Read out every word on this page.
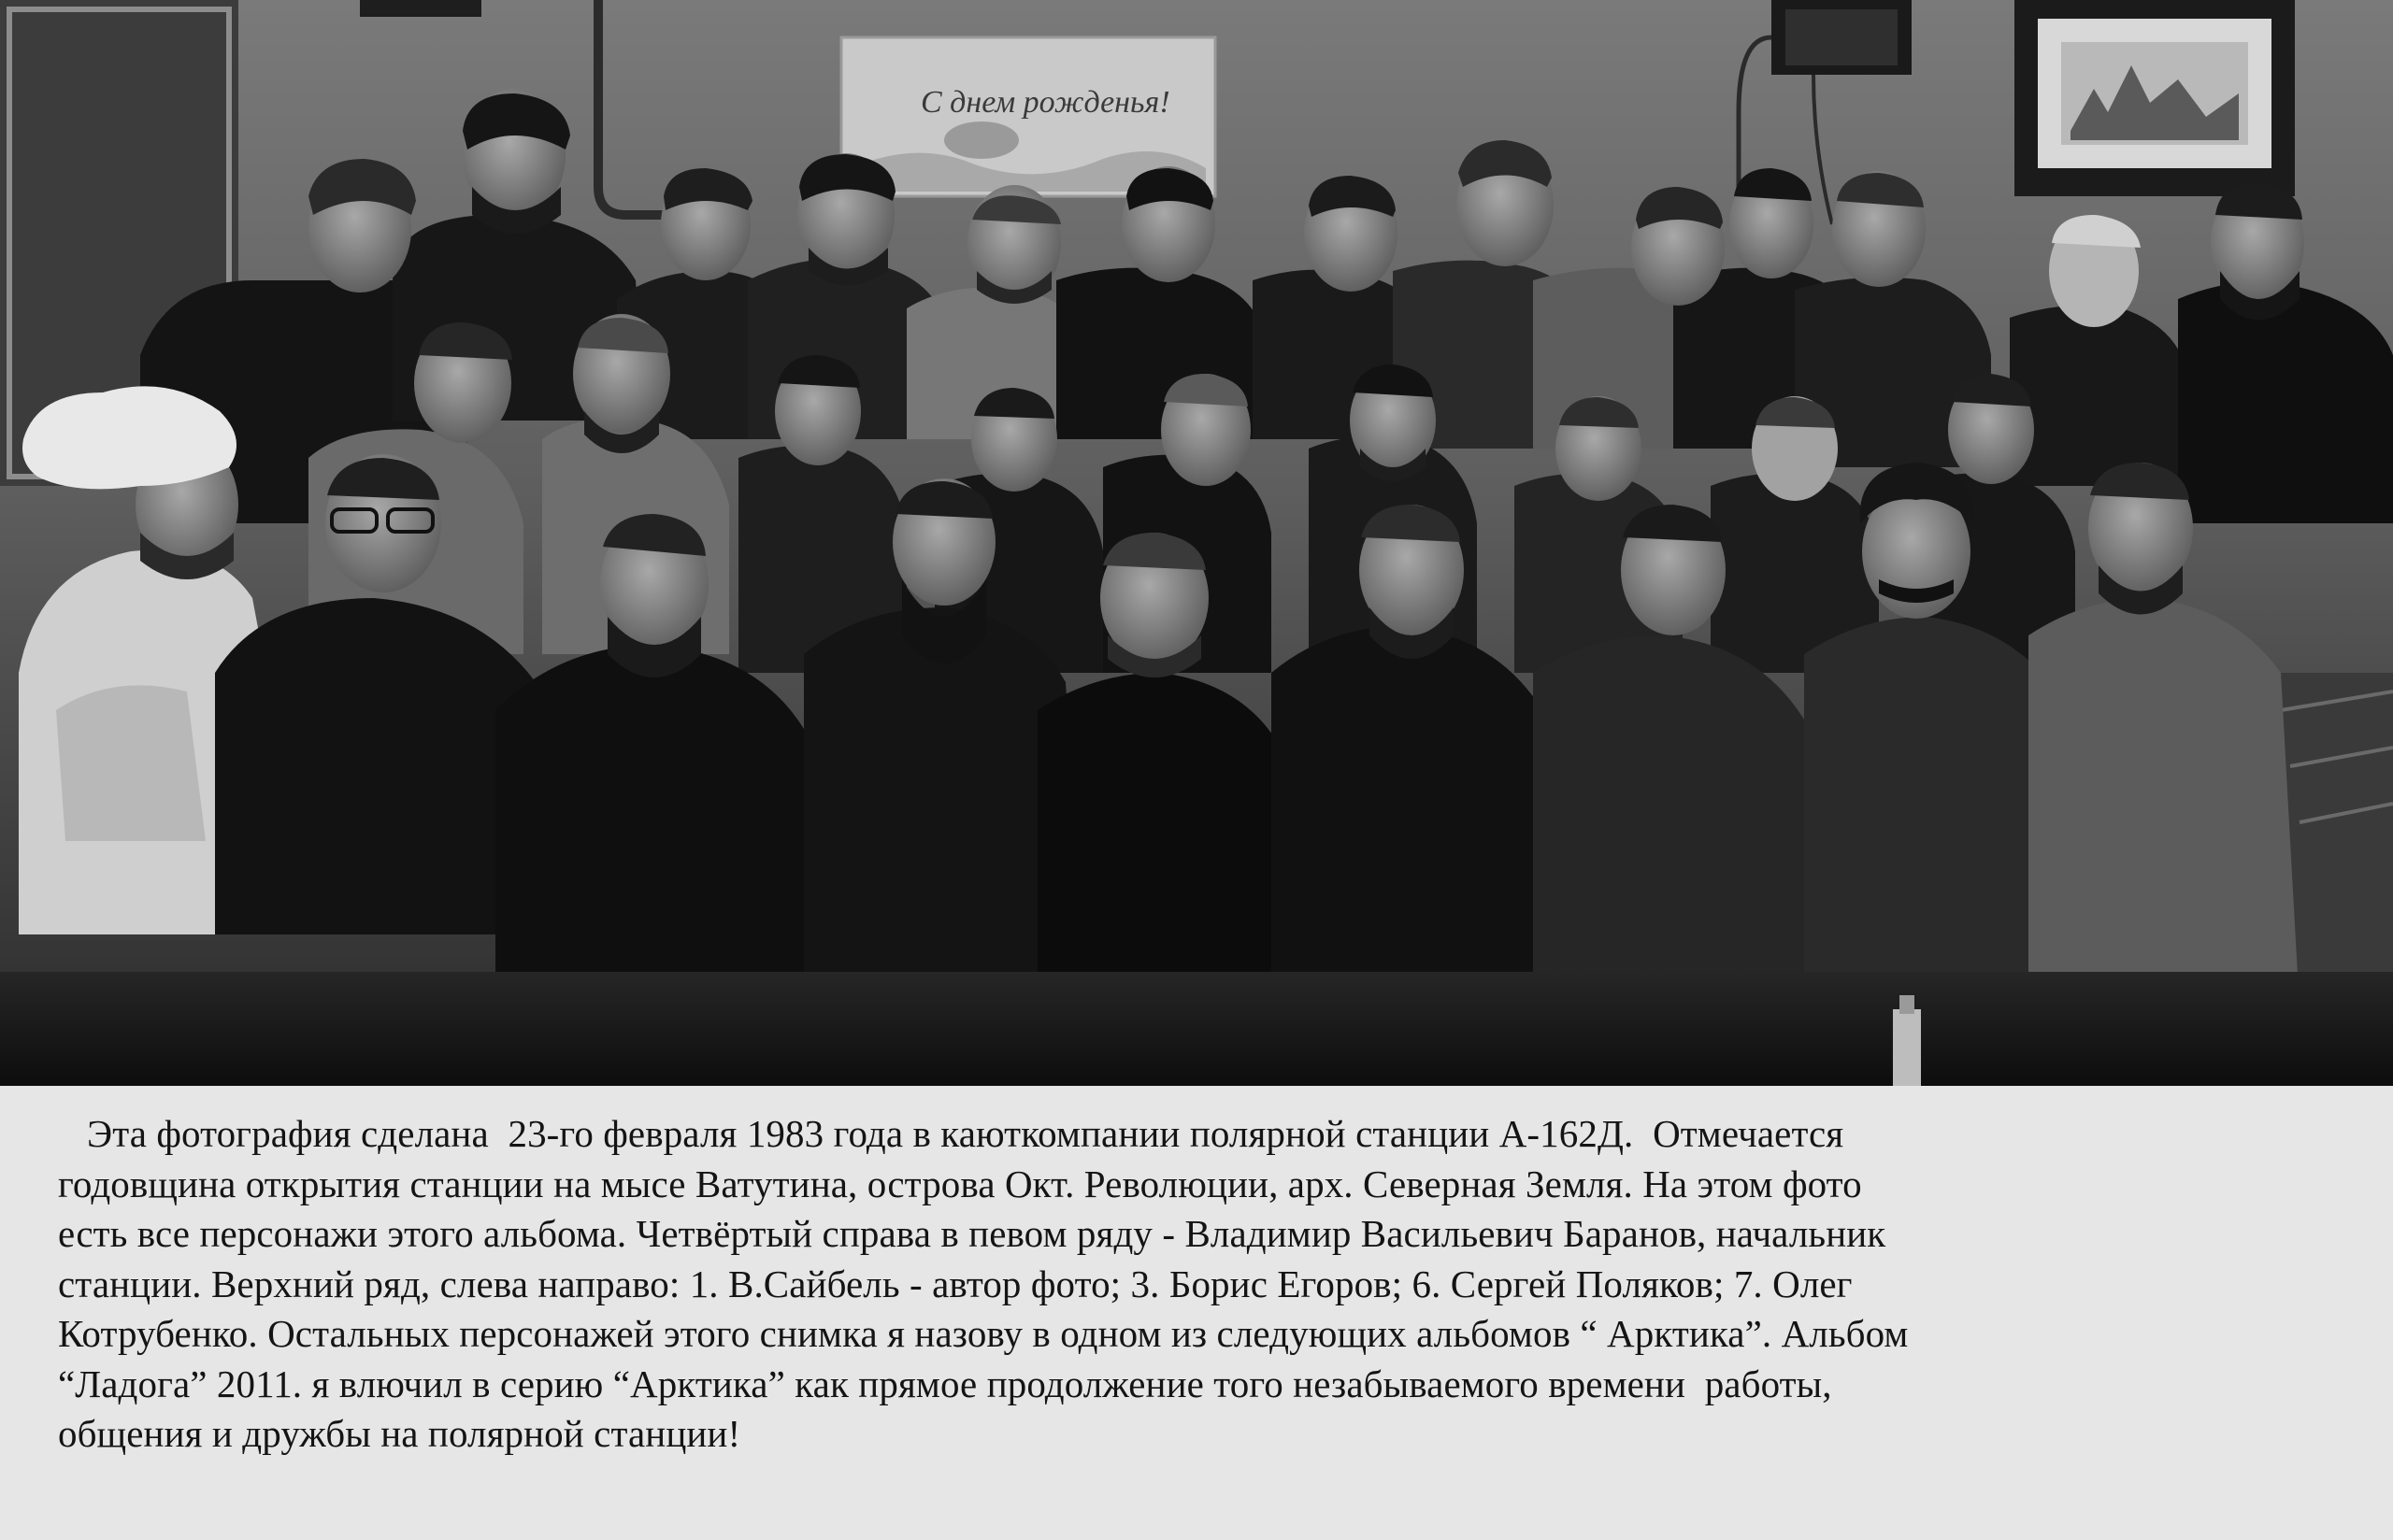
С днем рожденья!
Эта фотография сделана  23-го февраля 1983 года в каюткомпании полярной станции А-162Д.  Отмечается
годовщина открытия станции на мысе Ватутина, острова Окт. Революции, арх. Северная Земля. На этом фото
есть все персонажи этого альбома. Четвёртый справа в певом ряду - Владимир Васильевич Баранов, начальник
станции. Верхний ряд, слева направо: 1. В.Сайбель - автор фото; 3. Борис Егоров; 6. Сергей Поляков; 7. Олег
Котрубенко. Остальных персонажей этого снимка я назову в одном из следующих альбомов “ Арктика”. Альбом
“Ладога” 2011. я влючил в серию “Арктика” как прямое продолжение того незабываемого времени  работы,
общения и дружбы на полярной станции!
